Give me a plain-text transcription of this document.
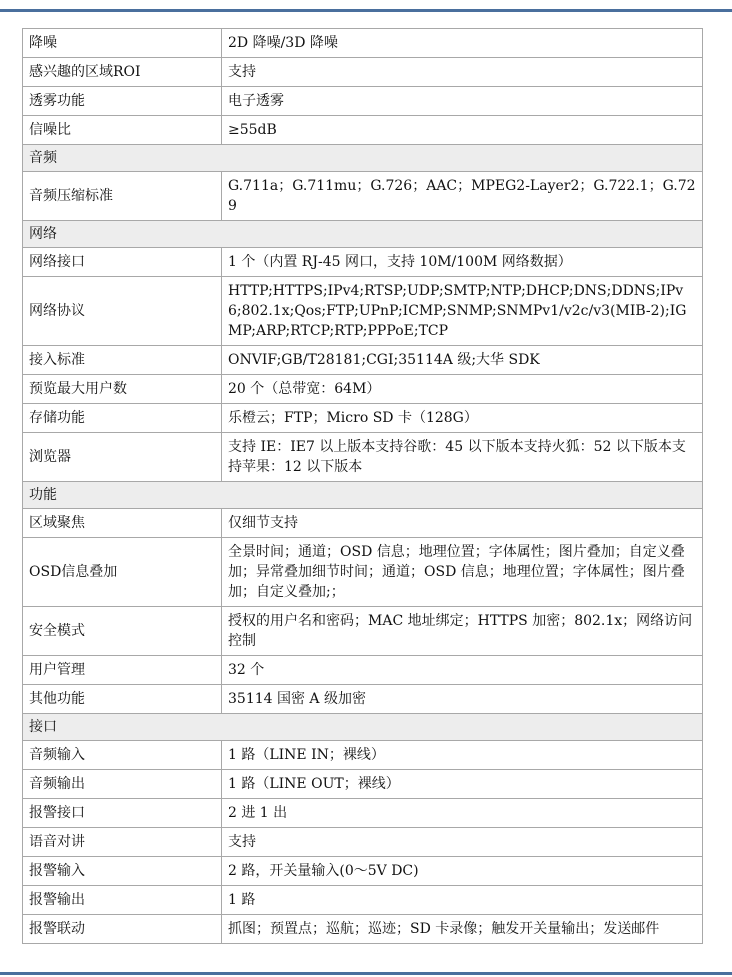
降噪	2D 降噪/3D 降噪
感兴趣的区域ROI	支持
透雾功能	电子透雾
信噪比	≥55dB
音频	
音频压缩标准	G.711a；G.711mu；G.726；AAC；MPEG2-Layer2；G.722.1；G.729
网络	
网络接口	1 个（内置 RJ-45 网口，支持 10M/100M 网络数据）
网络协议	HTTP;HTTPS;IPv4;RTSP;UDP;SMTP;NTP;DHCP;DNS;DDNS;IPv6;802.1x;Qos;FTP;UPnP;ICMP;SNMP;SNMPv1/v2c/v3(MIB-2);IGMP;ARP;RTCP;RTP;PPPoE;TCP
接入标准	ONVIF;GB/T28181;CGI;35114A 级;大华 SDK
预览最大用户数	20 个（总带宽：64M）
存储功能	乐橙云；FTP；Micro SD 卡（128G）
浏览器	支持 IE：IE7 以上版本支持谷歌：45 以下版本支持火狐：52 以下版本支持苹果：12 以下版本
功能	
区域聚焦	仅细节支持
OSD信息叠加	全景时间；通道；OSD 信息；地理位置；字体属性；图片叠加；自定义叠加；异常叠加细节时间；通道；OSD 信息；地理位置；字体属性；图片叠加；自定义叠加;；
安全模式	授权的用户名和密码；MAC 地址绑定；HTTPS 加密；802.1x；网络访问控制
用户管理	32 个
其他功能	35114 国密 A 级加密
接口	
音频输入	1 路（LINE IN；裸线）
音频输出	1 路（LINE OUT；裸线）
报警接口	2 进 1 出
语音对讲	支持
报警输入	2 路，开关量输入(0～5V DC)
报警输出	1 路
报警联动	抓图；预置点；巡航；巡迹；SD 卡录像；触发开关量输出；发送邮件
